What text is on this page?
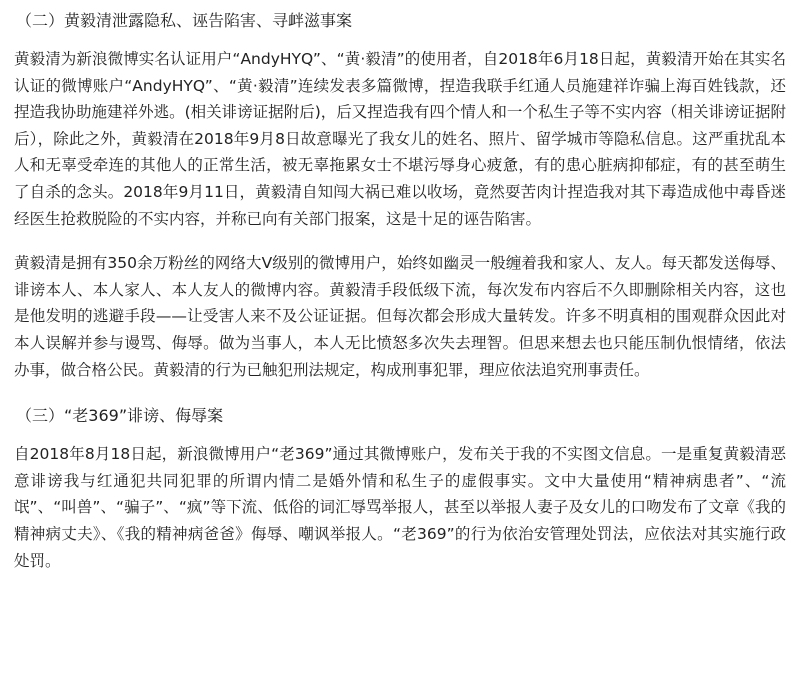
（二）黄毅清泄露隐私、诬告陷害、寻衅滋事案

黄毅清为新浪微博实名认证用户“AndyHYQ”、“黄·毅清”的使用者，自2018年6月18日起，黄毅清开始在其实名认证的微博账户“AndyHYQ”、“黄·毅清”连续发表多篇微博，捏造我联手红通人员施建祥诈骗上海百姓钱款，还捏造我协助施建祥外逃。(相关诽谤证据附后)，后又捏造我有四个情人和一个私生子等不实内容（相关诽谤证据附后），除此之外，黄毅清在2018年9月8日故意曝光了我女儿的姓名、照片、留学城市等隐私信息。这严重扰乱本人和无辜受牵连的其他人的正常生活，被无辜拖累女士不堪污辱身心疲惫，有的患心脏病抑郁症，有的甚至萌生了自杀的念头。2018年9月11日，黄毅清自知闯大祸已难以收场，竟然耍苦肉计捏造我对其下毒造成他中毒昏迷经医生抢救脱险的不实内容，并称已向有关部门报案，这是十足的诬告陷害。

黄毅清是拥有350余万粉丝的网络大V级别的微博用户，始终如幽灵一般缠着我和家人、友人。每天都发送侮辱、诽谤本人、本人家人、本人友人的微博内容。黄毅清手段低级下流，每次发布内容后不久即删除相关内容，这也是他发明的逃避手段——让受害人来不及公证证据。但每次都会形成大量转发。许多不明真相的围观群众因此对本人误解并参与谩骂、侮辱。做为当事人，本人无比愤怒多次失去理智。但思来想去也只能压制仇恨情绪，依法办事，做合格公民。黄毅清的行为已触犯刑法规定，构成刑事犯罪，理应依法追究刑事责任。

（三）“老369”诽谤、侮辱案

自2018年8月18日起，新浪微博用户“老369”通过其微博账户，发布关于我的不实图文信息。一是重复黄毅清恶意诽谤我与红通犯共同犯罪的所谓内情二是婚外情和私生子的虚假事实。文中大量使用“精神病患者”、“流氓”、“叫兽”、“骗子”、“疯”等下流、低俗的词汇辱骂举报人，甚至以举报人妻子及女儿的口吻发布了文章《我的精神病丈夫》、《我的精神病爸爸》侮辱、嘲讽举报人。“老369”的行为依治安管理处罚法，应依法对其实施行政处罚。
